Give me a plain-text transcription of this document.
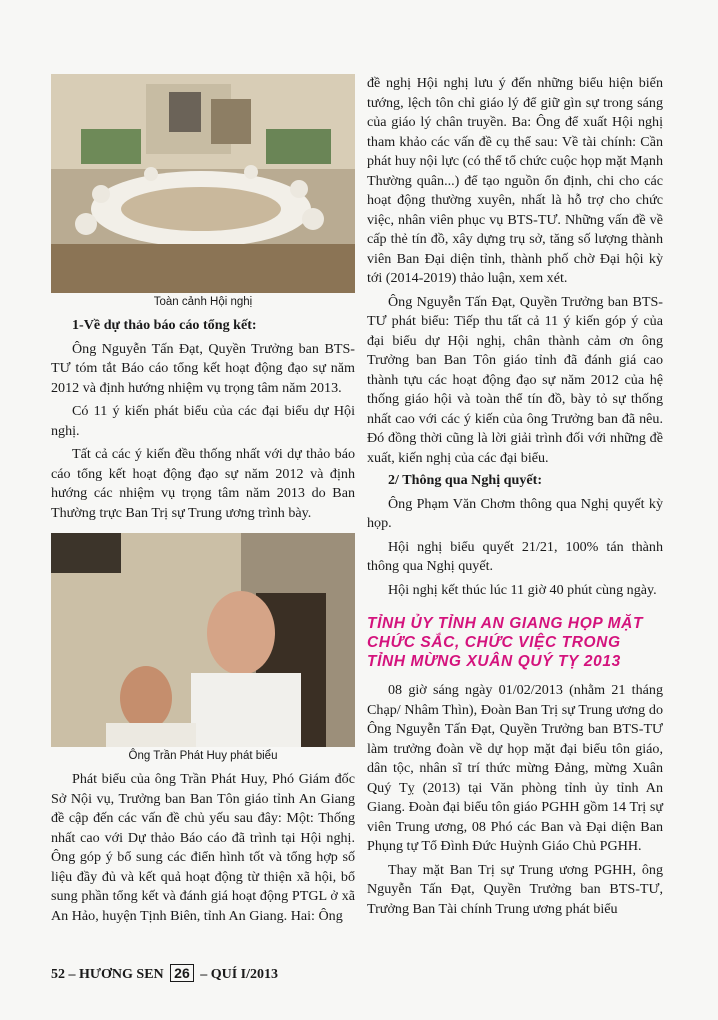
Toàn cảnh Hội nghị
1-Về dự thảo báo cáo tổng kết:

Ông Nguyễn Tấn Đạt, Quyền Trưởng ban BTS-TƯ tóm tắt Báo cáo tổng kết hoạt động đạo sự năm 2012 và định hướng nhiệm vụ trọng tâm năm 2013.

Có 11 ý kiến phát biểu của các đại biểu dự Hội nghị.

Tất cả các ý kiến đều thống nhất với dự thảo báo cáo tổng kết hoạt động đạo sự năm 2012 và định hướng các nhiệm vụ trọng tâm năm 2013 do Ban Thường trực Ban Trị sự Trung ương trình bày.

Ông Trần Phát Huy phát biểu

Phát biểu của ông Trần Phát Huy, Phó Giám đốc Sở Nội vụ, Trưởng ban Ban Tôn giáo tỉnh An Giang đề cập đến các vấn đề chủ yếu sau đây: Một: Thống nhất cao với Dự thảo Báo cáo đã trình tại Hội nghị. Ông góp ý bổ sung các điển hình tốt và tổng hợp số liệu đầy đủ và kết quả hoạt động từ thiện xã hội, bổ sung phần tổng kết và đánh giá hoạt động PTGL ở xã An Hảo, huyện Tịnh Biên, tỉnh An Giang. Hai: Ông

đề nghị Hội nghị lưu ý đến những biểu hiện biến tướng, lệch tôn chỉ giáo lý để giữ gìn sự trong sáng của giáo lý chân truyền. Ba: Ông để xuất Hội nghị tham khảo các vấn đề cụ thể sau: Về tài chính: Cần phát huy nội lực (có thể tổ chức cuộc họp mặt Mạnh Thường quân...) để tạo nguồn ổn định, chi cho các hoạt động thường xuyên, nhất là hỗ trợ cho chức việc, nhân viên phục vụ BTS-TƯ. Những vấn đề về cấp thẻ tín đồ, xây dựng trụ sở, tăng số lượng thành viên Ban Đại diện tỉnh, thành phố chờ Đại hội kỳ tới (2014-2019) thảo luận, xem xét.

Ông Nguyễn Tấn Đạt, Quyền Trưởng ban BTS-TƯ phát biểu: Tiếp thu tất cả 11 ý kiến góp ý của đại biểu dự Hội nghị, chân thành cảm ơn ông Trưởng ban Ban Tôn giáo tỉnh đã đánh giá cao thành tựu các hoạt động đạo sự năm 2012 của hệ thống giáo hội và toàn thể tín đồ, bày tỏ sự thống nhất cao với các ý kiến của ông Trưởng ban đã nêu. Đó đồng thời cũng là lời giải trình đối với những đề xuất, kiến nghị của các đại biểu.

2/ Thông qua Nghị quyết:

Ông Phạm Văn Chơm thông qua Nghị quyết kỳ họp.

Hội nghị biểu quyết 21/21, 100% tán thành thông qua Nghị quyết.

Hội nghị kết thúc lúc 11 giờ 40 phút cùng ngày.

TỈNH ỦY TỈNH AN GIANG HỌP MẶT CHỨC SẮC, CHỨC VIỆC TRONG TỈNH MỪNG XUÂN QUÝ TỴ 2013

08 giờ sáng ngày 01/02/2013 (nhằm 21 tháng Chạp/ Nhâm Thìn), Đoàn Ban Trị sự Trung ương do Ông Nguyễn Tấn Đạt, Quyền Trưởng ban BTS-TƯ làm trưởng đoàn về dự họp mặt đại biểu tôn giáo, dân tộc, nhân sĩ trí thức mừng Đảng, mừng Xuân Quý Tỵ (2013) tại Văn phòng tỉnh ủy tỉnh An Giang. Đoàn đại biểu tôn giáo PGHH gồm 14 Trị sự viên Trung ương, 08 Phó các Ban và Đại diện Ban Phụng tự Tổ Đình Đức Huỳnh Giáo Chủ PGHH.

Thay mặt Ban Trị sự Trung ương PGHH, ông Nguyễn Tấn Đạt, Quyền Trưởng ban BTS-TƯ, Trưởng Ban Tài chính Trung ương phát biểu

52 – HƯƠNG SEN 26 – QUÍ I/2013
